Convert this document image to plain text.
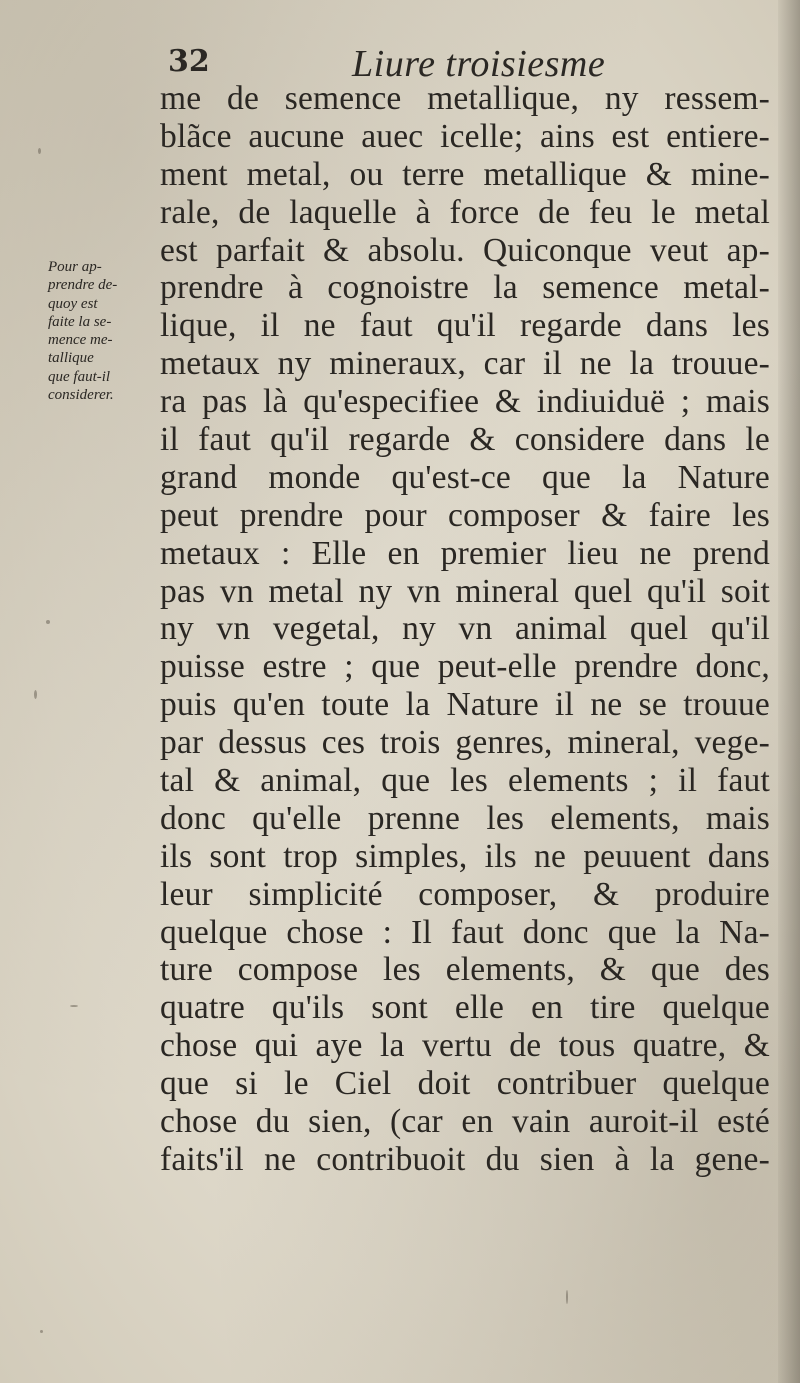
32	Liure troisiesme
Pour ap-
prendre de-
quoy est
faite la se-
mence me-
tallique
que faut-il
considerer.
me de semence metallique, ny ressem-
blãce aucune auec icelle; ains est entiere-
ment metal, ou terre metallique & mine-
rale, de laquelle à force de feu le metal
est parfait & absolu. Quiconque veut ap-
prendre à cognoistre la semence metal-
lique, il ne faut qu'il regarde dans les
metaux ny mineraux, car il ne la trouue-
ra pas là qu'especifiee & indiuiduë ; mais
il faut qu'il regarde & considere dans le
grand monde qu'est-ce que la Nature
peut prendre pour composer & faire les
metaux : Elle en premier lieu ne prend
pas vn metal ny vn mineral quel qu'il soit
ny vn vegetal, ny vn animal quel qu'il
puisse estre ; que peut-elle prendre donc,
puis qu'en toute la Nature il ne se trouue
par dessus ces trois genres, mineral, vege-
tal & animal, que les elements ; il faut
donc qu'elle prenne les elements, mais
ils sont trop simples, ils ne peuuent dans
leur simplicité composer, & produire
quelque chose : Il faut donc que la Na-
ture compose les elements, & que des
quatre qu'ils sont elle en tire quelque
chose qui aye la vertu de tous quatre, &
que si le Ciel doit contribuer quelque
chose du sien, (car en vain auroit-il esté
faits'il ne contribuoit du sien à la gene-
